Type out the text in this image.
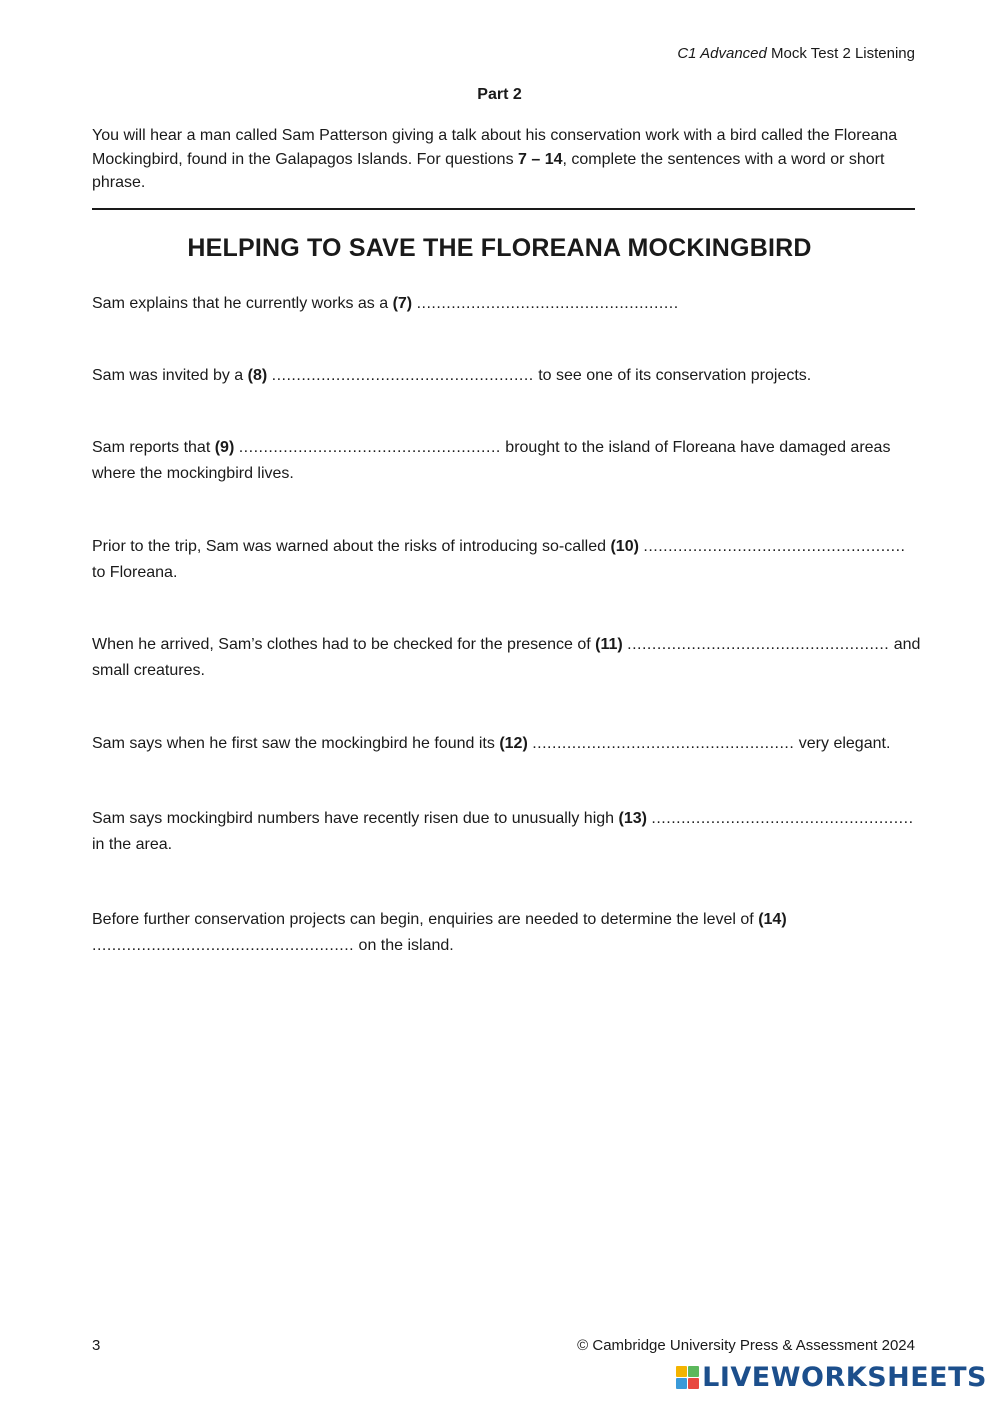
C1 Advanced Mock Test 2 Listening
Part 2
You will hear a man called Sam Patterson giving a talk about his conservation work with a bird called the Floreana Mockingbird, found in the Galapagos Islands. For questions 7 – 14, complete the sentences with a word or short phrase.
HELPING TO SAVE THE FLOREANA MOCKINGBIRD
Sam explains that he currently works as a (7) .....................................................
Sam was invited by a (8) ..................................................... to see one of its conservation projects.
Sam reports that (9) ..................................................... brought to the island of Floreana have damaged areas where the mockingbird lives.
Prior to the trip, Sam was warned about the risks of introducing so-called (10) ..................................................... to Floreana.
When he arrived, Sam’s clothes had to be checked for the presence of (11) ..................................................... and small creatures.
Sam says when he first saw the mockingbird he found its (12) ..................................................... very elegant.
Sam says mockingbird numbers have recently risen due to unusually high (13) ..................................................... in the area.
Before further conservation projects can begin, enquiries are needed to determine the level of (14) ..................................................... on the island.
3	© Cambridge University Press & Assessment 2024
LIVEWORKSHEETS
